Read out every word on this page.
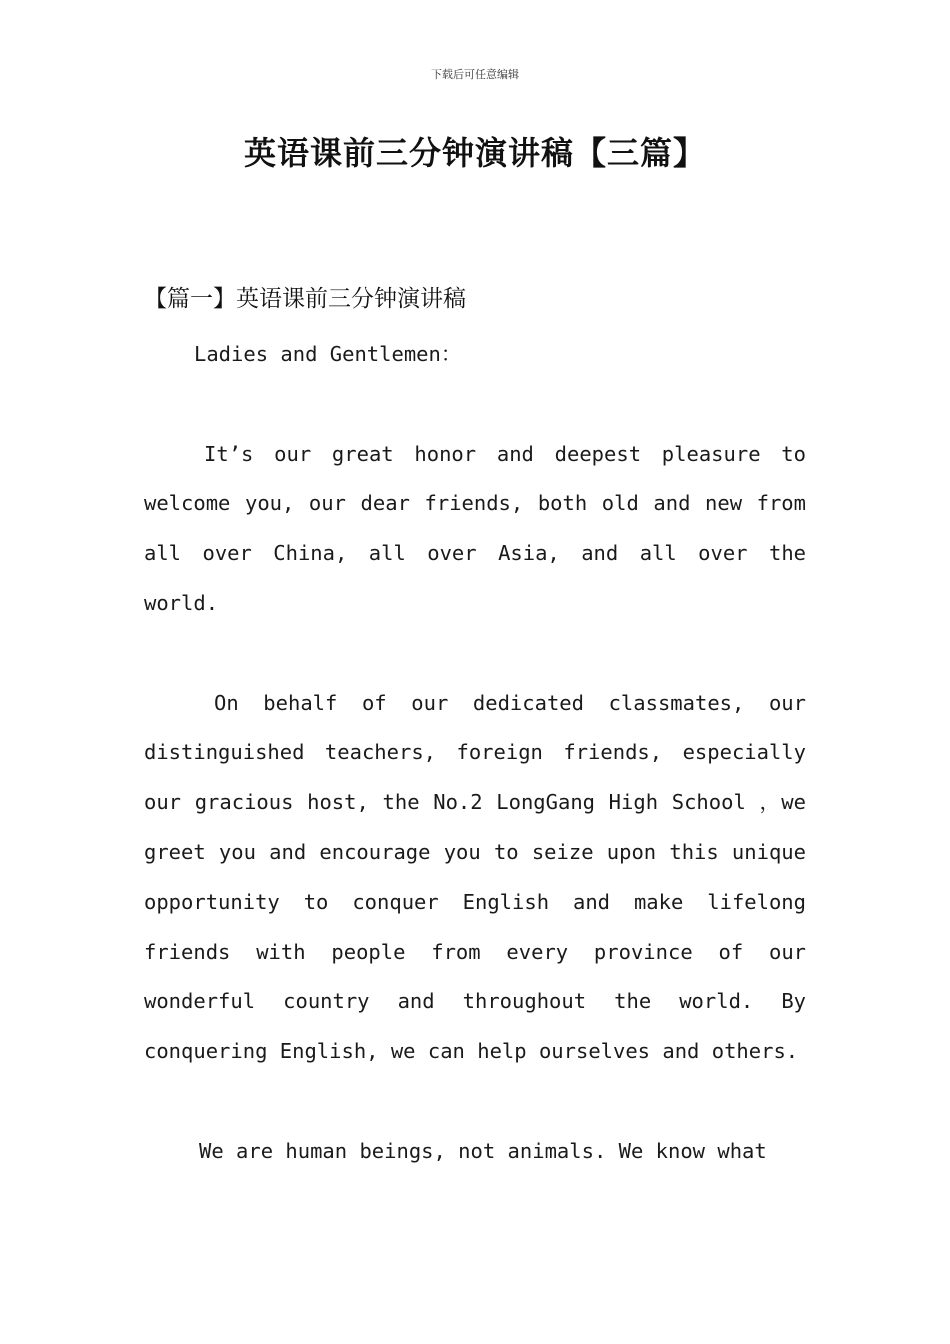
下载后可任意编辑
英语课前三分钟演讲稿【三篇】
【篇一】英语课前三分钟演讲稿

Ladies and Gentlemen：

It’s our great honor and deepest pleasure to welcome you, our dear friends, both old and new from all over China, all over Asia, and all over the world.

On behalf of our dedicated classmates, our distinguished teachers, foreign friends, especially our gracious host, the No.2 LongGang High School ，we greet you and encourage you to seize upon this unique opportunity to conquer English and make lifelong friends with people from every province of our wonderful country and throughout the world. By conquering English, we can help ourselves and others.

We are human beings, not animals. We know what
